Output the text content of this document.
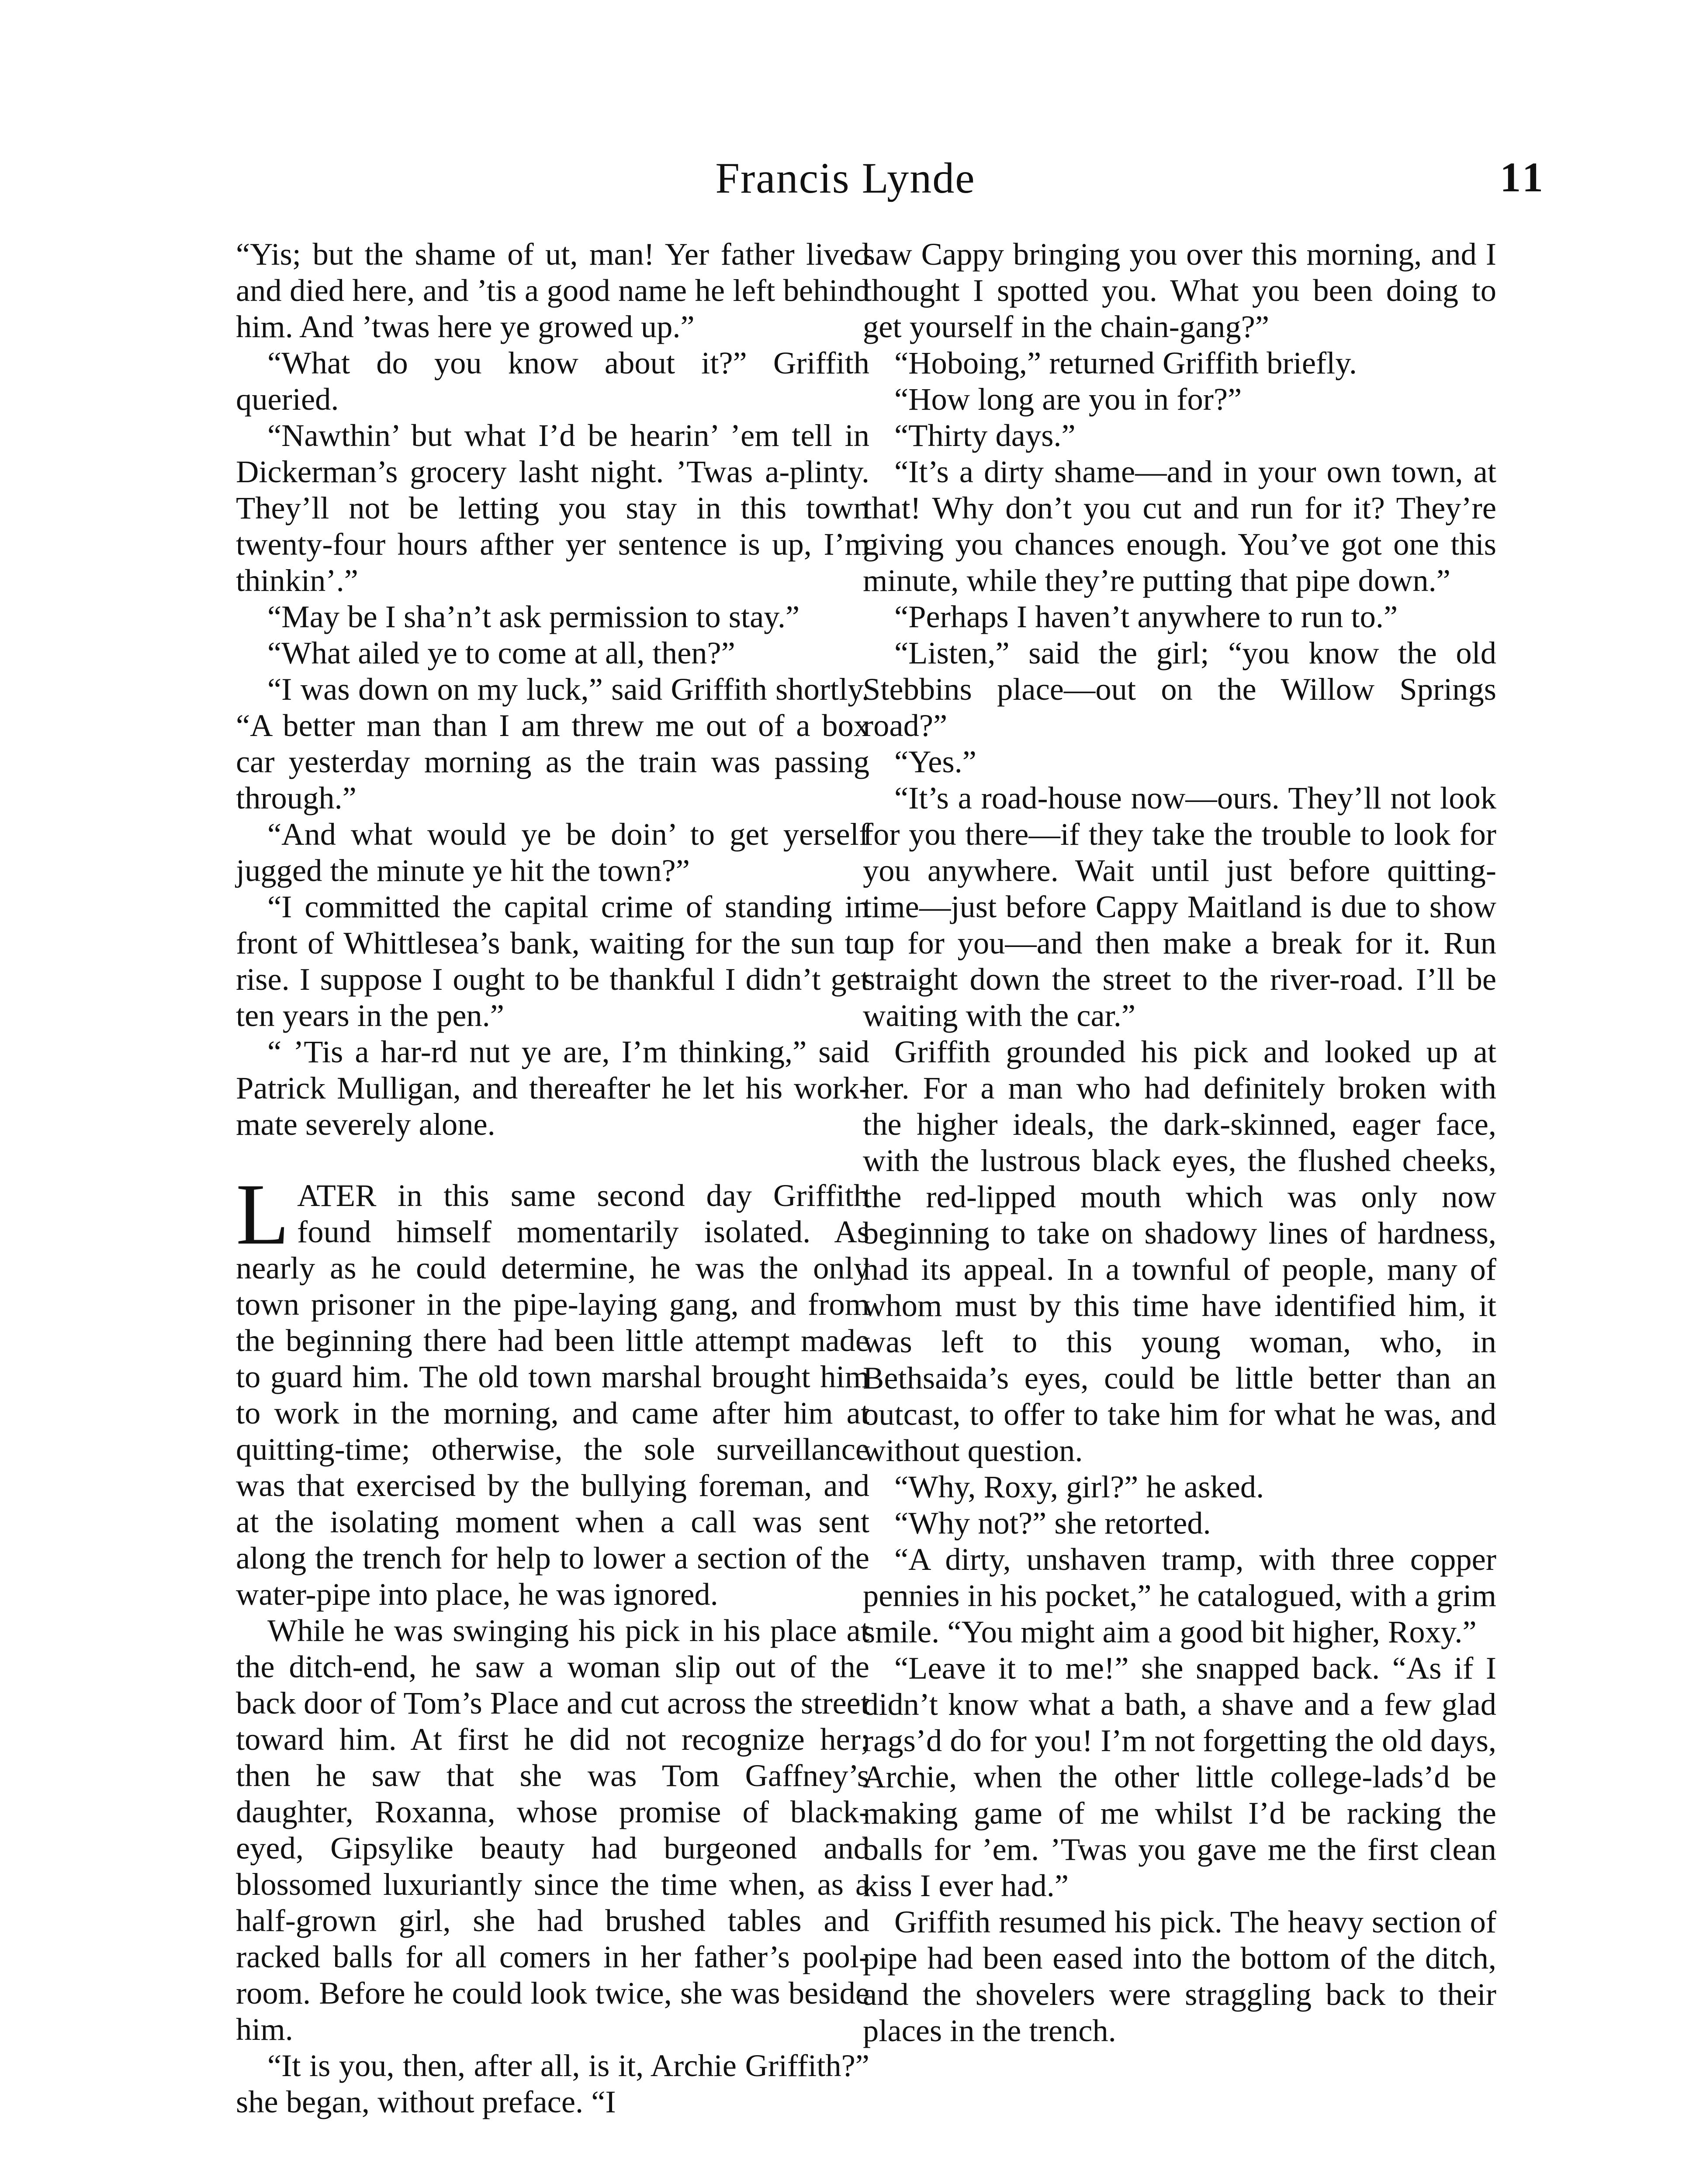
Francis Lynde	11

“Yis; but the shame of ut, man! Yer father lived and died here, and ’tis a good name he left behind him. And ’twas here ye growed up.”

“What do you know about it?” Griffith queried.

“Nawthin’ but what I’d be hearin’ ’em tell in Dickerman’s grocery lasht night. ’Twas a-plinty. They’ll not be letting you stay in this town twenty-four hours afther yer sentence is up, I’m thinkin’.”

“May be I sha’n’t ask permission to stay.”

“What ailed ye to come at all, then?”

“I was down on my luck,” said Griffith shortly. “A better man than I am threw me out of a box car yesterday morning as the train was passing through.”

“And what would ye be doin’ to get yerself jugged the minute ye hit the town?”

“I committed the capital crime of standing in front of Whittlesea’s bank, waiting for the sun to rise. I suppose I ought to be thankful I didn’t get ten years in the pen.”

“ ’Tis a har-rd nut ye are, I’m thinking,” said Patrick Mulligan, and thereafter he let his work-mate severely alone.

LATER in this same second day Griffith found himself momentarily isolated. As nearly as he could determine, he was the only town prisoner in the pipe-laying gang, and from the beginning there had been little attempt made to guard him. The old town marshal brought him to work in the morning, and came after him at quitting-time; otherwise, the sole surveillance was that exercised by the bullying foreman, and at the isolating moment when a call was sent along the trench for help to lower a section of the water-pipe into place, he was ignored.

While he was swinging his pick in his place at the ditch-end, he saw a woman slip out of the back door of Tom’s Place and cut across the street toward him. At first he did not recognize her; then he saw that she was Tom Gaffney’s daughter, Roxanna, whose promise of black-eyed, Gipsylike beauty had burgeoned and blossomed luxuriantly since the time when, as a half-grown girl, she had brushed tables and racked balls for all comers in her father’s pool-room. Before he could look twice, she was beside him.

“It is you, then, after all, is it, Archie Griffith?” she began, without preface. “I

saw Cappy bringing you over this morning, and I thought I spotted you. What you been doing to get yourself in the chain-gang?”

“Hoboing,” returned Griffith briefly.

“How long are you in for?”

“Thirty days.”

“It’s a dirty shame—and in your own town, at that! Why don’t you cut and run for it? They’re giving you chances enough. You’ve got one this minute, while they’re putting that pipe down.”

“Perhaps I haven’t anywhere to run to.”

“Listen,” said the girl; “you know the old Stebbins place—out on the Willow Springs road?”

“Yes.”

“It’s a road-house now—ours. They’ll not look for you there—if they take the trouble to look for you anywhere. Wait until just before quitting-time—just before Cappy Maitland is due to show up for you—and then make a break for it. Run straight down the street to the river-road. I’ll be waiting with the car.”

Griffith grounded his pick and looked up at her. For a man who had definitely broken with the higher ideals, the dark-skinned, eager face, with the lustrous black eyes, the flushed cheeks, the red-lipped mouth which was only now beginning to take on shadowy lines of hardness, had its appeal. In a townful of people, many of whom must by this time have identified him, it was left to this young woman, who, in Bethsaida’s eyes, could be little better than an outcast, to offer to take him for what he was, and without question.

“Why, Roxy, girl?” he asked.

“Why not?” she retorted.

“A dirty, unshaven tramp, with three copper pennies in his pocket,” he catalogued, with a grim smile. “You might aim a good bit higher, Roxy.”

“Leave it to me!” she snapped back. “As if I didn’t know what a bath, a shave and a few glad rags’d do for you! I’m not forgetting the old days, Archie, when the other little college-lads’d be making game of me whilst I’d be racking the balls for ’em. ’Twas you gave me the first clean kiss I ever had.”

Griffith resumed his pick. The heavy section of pipe had been eased into the bottom of the ditch, and the shovelers were straggling back to their places in the trench.
